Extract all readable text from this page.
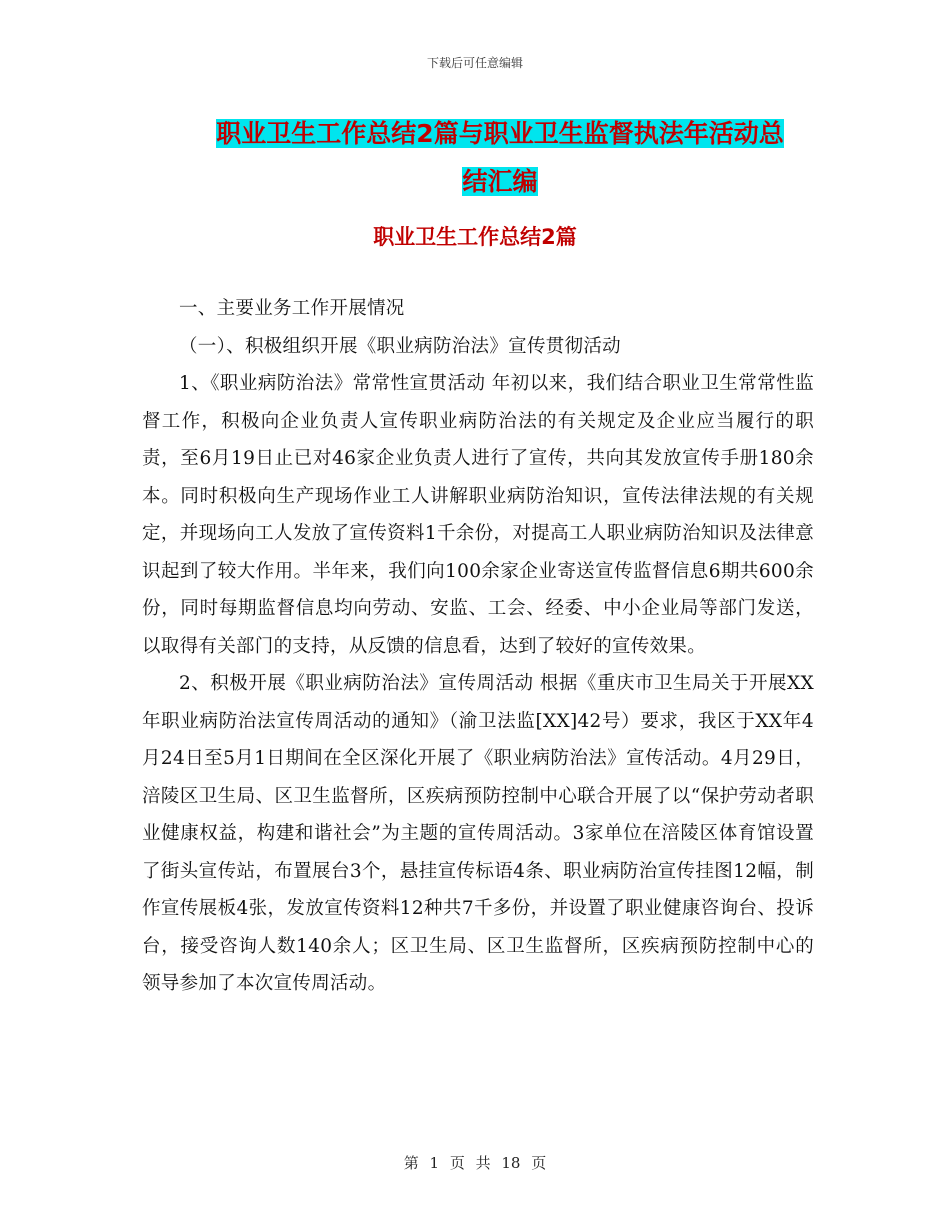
下载后可任意编辑
职业卫生工作总结2篇与职业卫生监督执法年活动总
结汇编
职业卫生工作总结2篇

一、主要业务工作开展情况

（一）、积极组织开展《职业病防治法》宣传贯彻活动

1、《职业病防治法》常常性宣贯活动 年初以来，我们结合职业卫生常常性监督工作，积极向企业负责人宣传职业病防治法的有关规定及企业应当履行的职责，至6月19日止已对46家企业负责人进行了宣传，共向其发放宣传手册180余本。同时积极向生产现场作业工人讲解职业病防治知识，宣传法律法规的有关规定，并现场向工人发放了宣传资料1千余份，对提高工人职业病防治知识及法律意识起到了较大作用。半年来，我们向100余家企业寄送宣传监督信息6期共600余份，同时每期监督信息均向劳动、安监、工会、经委、中小企业局等部门发送，以取得有关部门的支持，从反馈的信息看，达到了较好的宣传效果。

2、积极开展《职业病防治法》宣传周活动 根据《重庆市卫生局关于开展XX年职业病防治法宣传周活动的通知》（渝卫法监[XX]42号）要求，我区于XX年4月24日至5月1日期间在全区深化开展了《职业病防治法》宣传活动。4月29日，涪陵区卫生局、区卫生监督所，区疾病预防控制中心联合开展了以“保护劳动者职业健康权益，构建和谐社会”为主题的宣传周活动。3家单位在涪陵区体育馆设置了街头宣传站，布置展台3个，悬挂宣传标语4条、职业病防治宣传挂图12幅，制作宣传展板4张，发放宣传资料12种共7千多份，并设置了职业健康咨询台、投诉台，接受咨询人数140余人；区卫生局、区卫生监督所，区疾病预防控制中心的领导参加了本次宣传周活动。

第 1 页 共 18 页
